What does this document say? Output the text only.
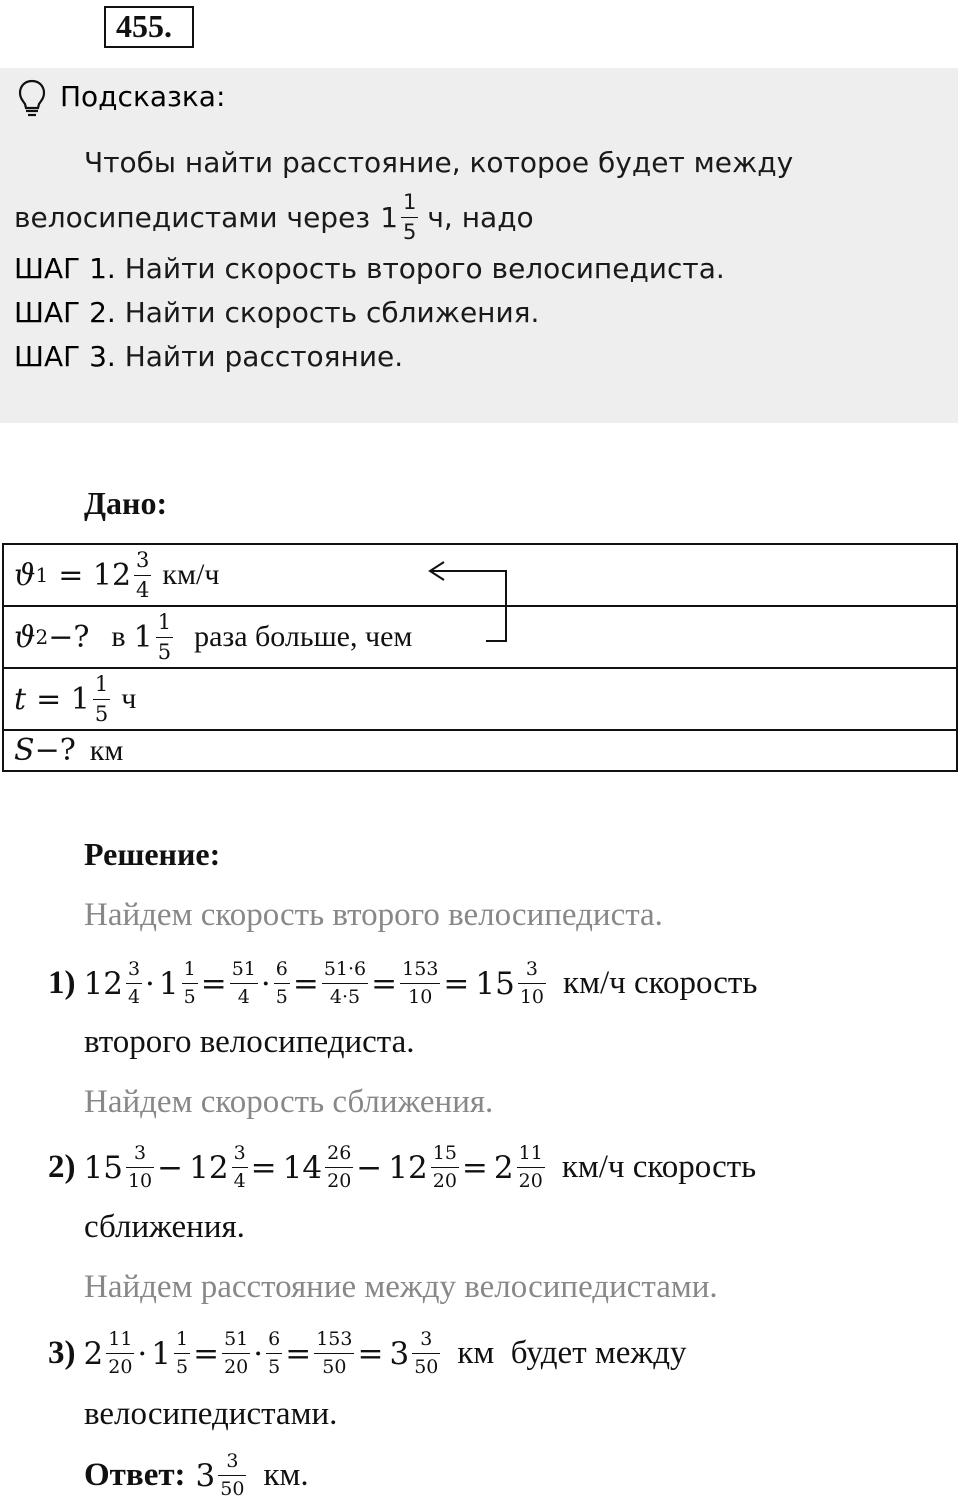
455.
Подсказка:
Чтобы найти расстояние, которое будет между
велосипедистами через $1 \frac{1}{5} ч$, надо
ШАГ 1. Найти скорость второго велосипедиста.
ШАГ 2. Найти скорость сближения.
ШАГ 3. Найти расстояние.
Дано:
ϑ $1 = 12 \frac{3}{4} км/ч$
ϑ 2 −? в $1 \frac{1}{5}$ раза больше, чем
$t = 1 \frac{1}{5}$ ч
S −? км
Решение:
Найдем скорость второго велосипедиста.
1) $12 \frac{3}{4} \cdot 1 \frac{1}{5} = \frac{51}{4} \cdot \frac{6}{5} = \frac{51\cdot 6}{4\cdot 5} = \frac{153}{10} = 15 \frac{3}{10} км/ч$ скорость
второго велосипедиста.
Найдем скорость сближения.
2) $15 \frac{3}{10} - 12 \frac{3}{4} = 14 \frac{26}{20} - 12 \frac{15}{20} = 2 \frac{11}{20} км/ч$ скорость
сближения.
Найдем расстояние между велосипедистами.
3) $2 \frac{11}{20} \cdot 1 \frac{1}{5} = \frac{51}{20} \cdot \frac{6}{5} = \frac{153}{50} = 3 \frac{3}{50}$ км  будет между
велосипедистами.
Ответ: $3 \frac{3}{50}$ км.
